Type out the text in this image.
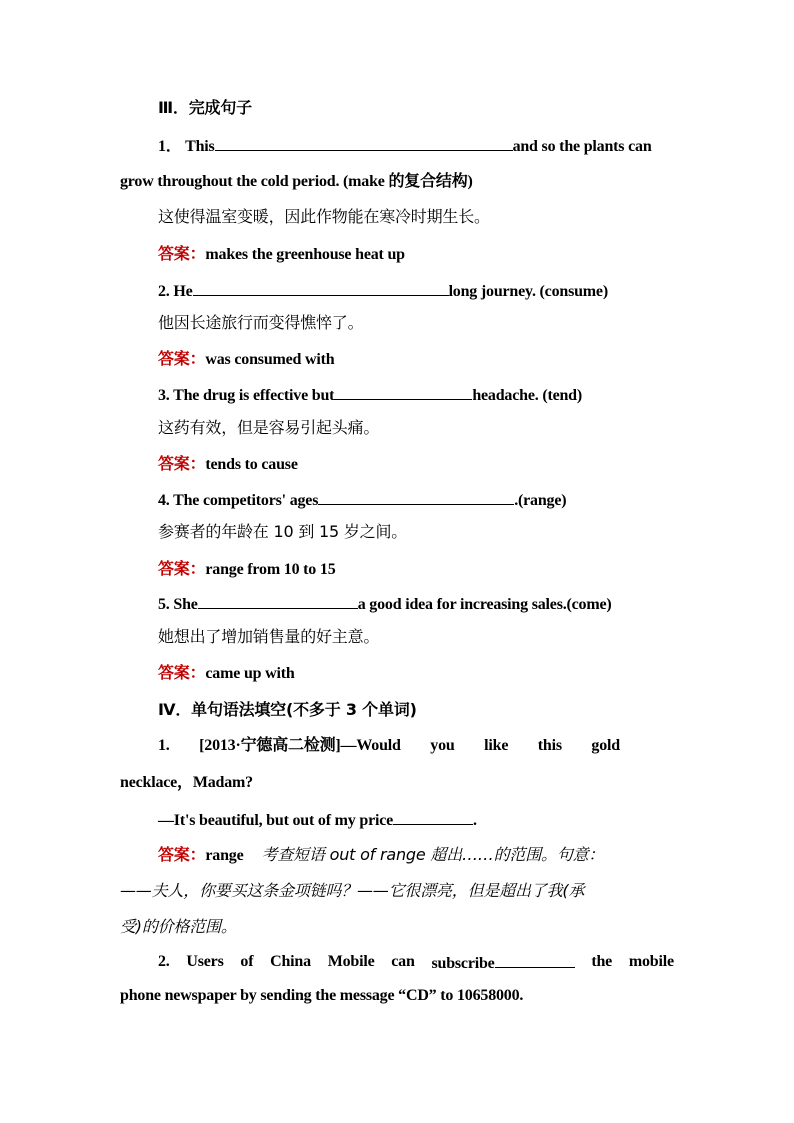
Ⅲ．完成句子
1． This	and so the plants can
grow throughout the cold period. (make 的复合结构)
这使得温室变暖，因此作物能在寒冷时期生长。
答案：makes the greenhouse heat up
2. He	long journey. (consume)
他因长途旅行而变得憔悴了。
答案：was consumed with
3. The drug is effective but	headache. (tend)
这药有效，但是容易引起头痛。
答案：tends to cause
4. The competitors' ages	.(range)
参赛者的年龄在 10 到 15 岁之间。
答案：range from 10 to 15
5. She	a good idea for increasing sales.(come)
她想出了增加销售量的好主意。
答案：came up with
Ⅳ．单句语法填空(不多于 3 个单词)
1. [2013·宁德高二检测]—Would you like this gold
necklace，Madam?
—It's beautiful, but out of my price	.
答案：range 考查短语 out of range 超出……的范围。句意：
——夫人，你要买这条金项链吗？——它很漂亮，但是超出了我(承
受)的价格范围。
2. Users of China Mobile can subscribe	the mobile
phone newspaper by sending the message “CD” to 10658000.
